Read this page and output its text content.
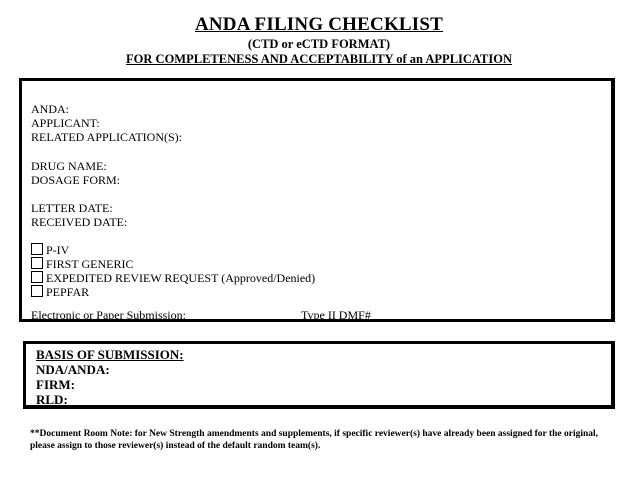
ANDA FILING CHECKLIST
(CTD or eCTD FORMAT)
FOR COMPLETENESS AND ACCEPTABILITY of an APPLICATION
ANDA:
APPLICANT:
RELATED APPLICATION(S):
DRUG NAME:
DOSAGE FORM:
LETTER DATE:
RECEIVED DATE:
P-IV
FIRST GENERIC
EXPEDITED REVIEW REQUEST (Approved/Denied)
PEPFAR
Electronic or Paper Submission:	Type II DMF#
BASIS OF SUBMISSION:
NDA/ANDA:
FIRM:
RLD:
**Document Room Note: for New Strength amendments and supplements, if specific reviewer(s) have already been assigned for the original, please assign to those reviewer(s) instead of the default random team(s).
